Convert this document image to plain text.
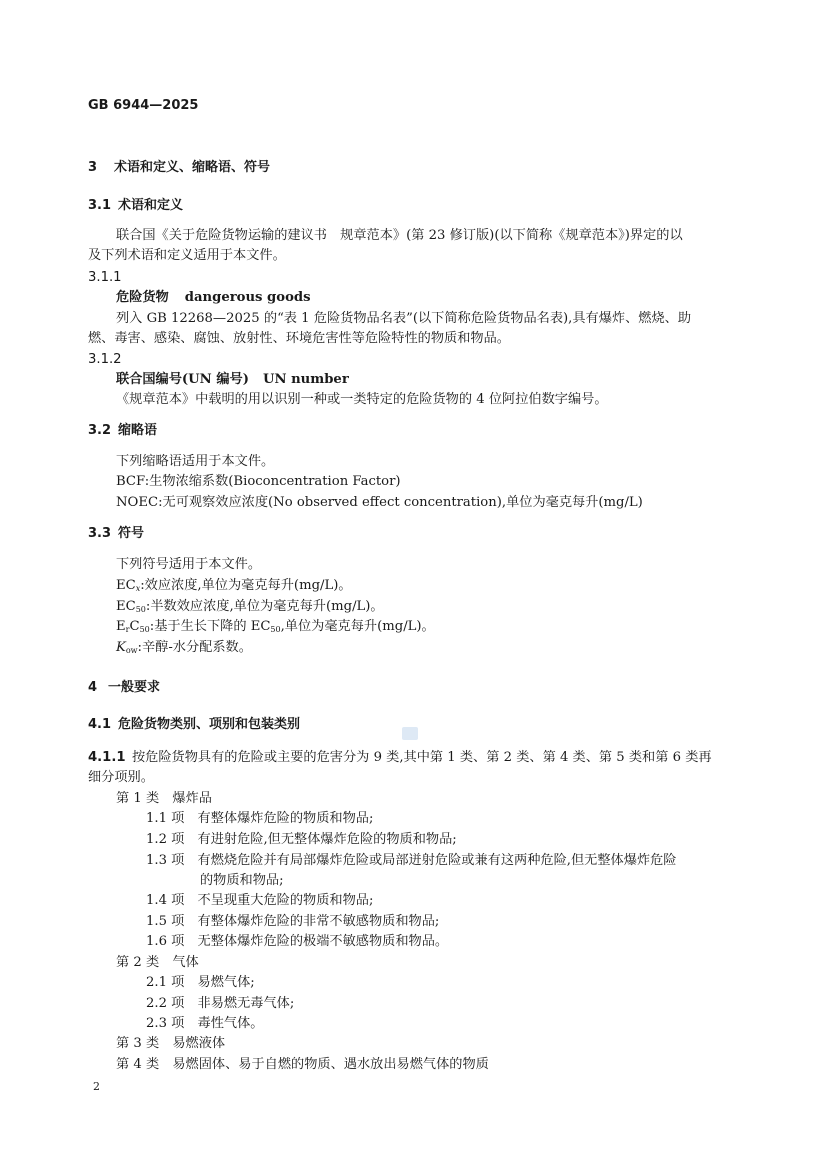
GB 6944—2025
3 术语和定义、缩略语、符号
3.1 术语和定义
联合国《关于危险货物运输的建议书　规章范本》(第 23 修订版)(以下简称《规章范本》)界定的以
及下列术语和定义适用于本文件。
3.1.1
危险货物 dangerous goods
列入 GB 12268—2025 的“表 1 危险货物品名表”(以下简称危险货物品名表),具有爆炸、燃烧、助
燃、毒害、感染、腐蚀、放射性、环境危害性等危险特性的物质和物品。
3.1.2
联合国编号(UN 编号) UN number
《规章范本》中载明的用以识别一种或一类特定的危险货物的 4 位阿拉伯数字编号。
3.2 缩略语
下列缩略语适用于本文件。
BCF:生物浓缩系数(Bioconcentration Factor)
NOEC:无可观察效应浓度(No observed effect concentration),单位为毫克每升(mg/L)
3.3 符号
下列符号适用于本文件。
$EC_x$:效应浓度,单位为毫克每升(mg/L)。
$EC_{50}$:半数效应浓度,单位为毫克每升(mg/L)。
$E_rC_{50}$:基于生长下降的 $EC_{50}$,单位为毫克每升(mg/L)。
$K_{ow}$:辛醇-水分配系数。
4 一般要求
4.1 危险货物类别、项别和包装类别
4.1.1 按危险货物具有的危险或主要的危害分为 9 类,其中第 1 类、第 2 类、第 4 类、第 5 类和第 6 类再
细分项别。
第 1 类　爆炸品
1.1 项　有整体爆炸危险的物质和物品;
1.2 项　有进射危险,但无整体爆炸危险的物质和物品;
1.3 项　有燃烧危险并有局部爆炸危险或局部迸射危险或兼有这两种危险,但无整体爆炸危险
的物质和物品;
1.4 项　不呈现重大危险的物质和物品;
1.5 项　有整体爆炸危险的非常不敏感物质和物品;
1.6 项　无整体爆炸危险的极端不敏感物质和物品。
第 2 类　气体
2.1 项　易燃气体;
2.2 项　非易燃无毒气体;
2.3 项　毒性气体。
第 3 类　易燃液体
第 4 类　易燃固体、易于自燃的物质、遇水放出易燃气体的物质
2
